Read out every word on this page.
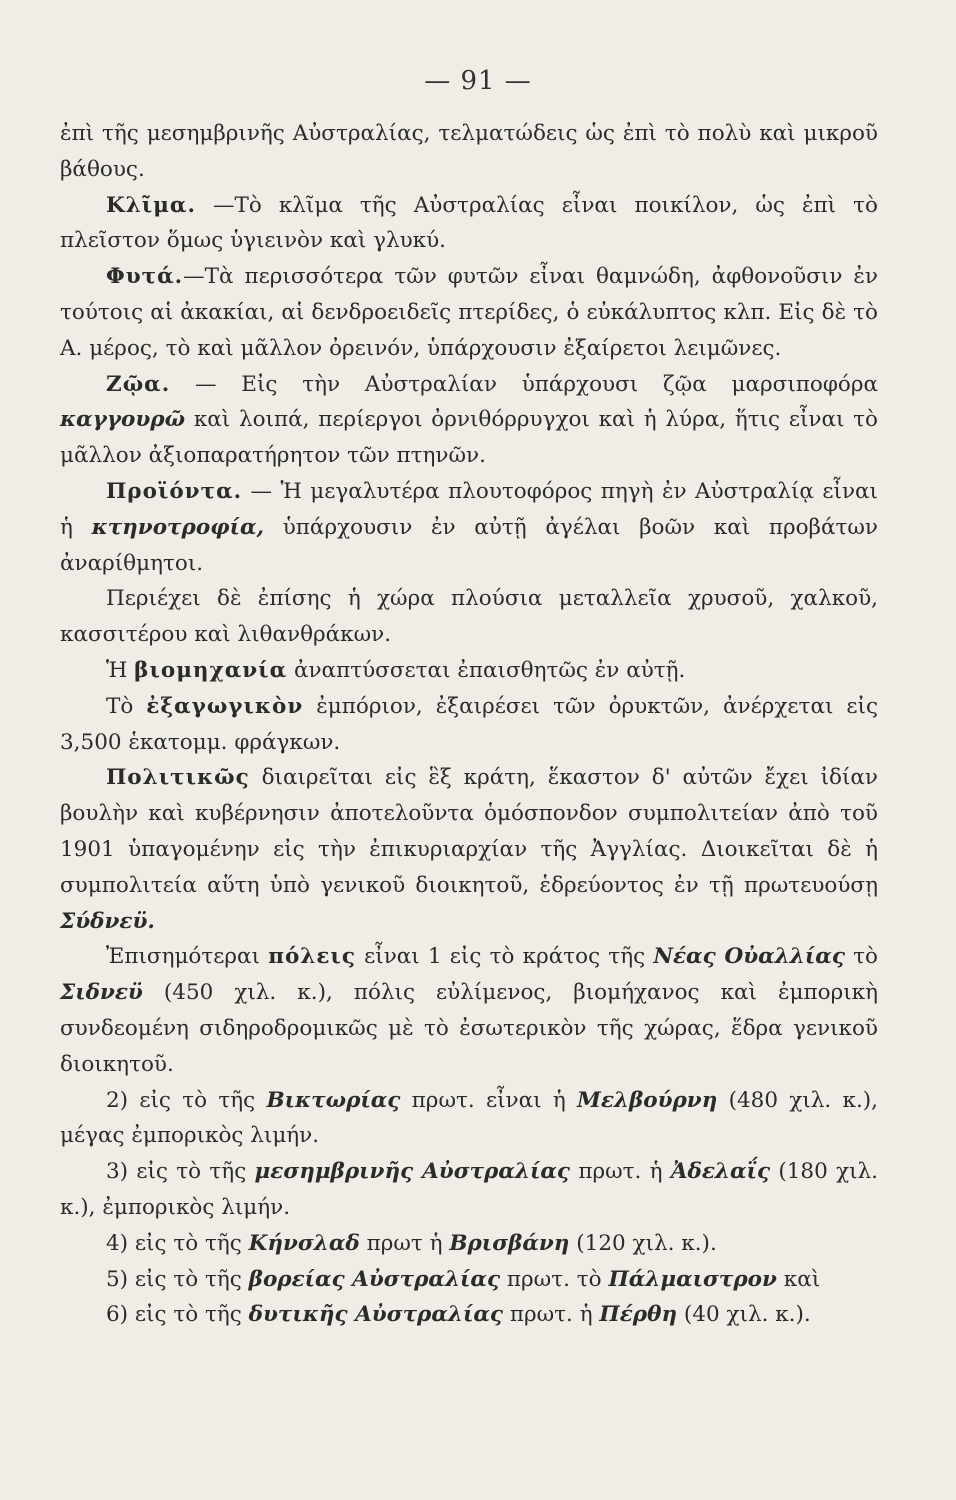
— 91 —

ἐπὶ τῆς μεσημβρινῆς Αὐστραλίας, τελματώδεις ὡς ἐπὶ τὸ πολὺ καὶ μικροῦ βάθους.

Κλῖμα. —Τὸ κλῖμα τῆς Αὐστραλίας εἶναι ποικίλον, ὡς ἐπὶ τὸ πλεῖστον ὅμως ὑγιεινὸν καὶ γλυκύ.

Φυτά.—Τὰ περισσότερα τῶν φυτῶν εἶναι θαμνώδη, ἀφθονοῦσιν ἐν τούτοις αἱ ἀκακίαι, αἱ δενδροειδεῖς πτερίδες, ὁ εὐκάλυπτος κλπ. Εἰς δὲ τὸ Α. μέρος, τὸ καὶ μᾶλλον ὀρεινόν, ὑπάρχουσιν ἐξαίρετοι λειμῶνες.

Ζῷα. — Εἰς τὴν Αὐστραλίαν ὑπάρχουσι ζῷα μαρσιποφόρα καγγουρῶ καὶ λοιπά, περίεργοι ὀρνιθόρρυγχοι καὶ ἡ λύρα, ἥτις εἶναι τὸ μᾶλλον ἀξιοπαρατήρητον τῶν πτηνῶν.

Προϊόντα. — Ἡ μεγαλυτέρα πλουτοφόρος πηγὴ ἐν Αὐστραλίᾳ εἶναι ἡ κτηνοτροφία, ὑπάρχουσιν ἐν αὐτῇ ἀγέλαι βοῶν καὶ προβάτων ἀναρίθμητοι.

Περιέχει δὲ ἐπίσης ἡ χώρα πλούσια μεταλλεῖα χρυσοῦ, χαλκοῦ, κασσιτέρου καὶ λιθανθράκων.

Ἡ βιομηχανία ἀναπτύσσεται ἐπαισθητῶς ἐν αὐτῇ.

Τὸ ἐξαγωγικὸν ἐμπόριον, ἐξαιρέσει τῶν ὀρυκτῶν, ἀνέρχεται εἰς 3,500 ἑκατομμ. φράγκων.

Πολιτικῶς διαιρεῖται εἰς ἓξ κράτη, ἕκαστον δ' αὐτῶν ἔχει ἰδίαν βουλὴν καὶ κυβέρνησιν ἀποτελοῦντα ὁμόσπονδον συμπολιτείαν ἀπὸ τοῦ 1901 ὑπαγομένην εἰς τὴν ἐπικυριαρχίαν τῆς Ἀγγλίας. Διοικεῖται δὲ ἡ συμπολιτεία αὕτη ὑπὸ γενικοῦ διοικητοῦ, ἑδρεύοντος ἐν τῇ πρωτευούσῃ Σύδνεϋ.

Ἐπισημότεραι πόλεις εἶναι 1 εἰς τὸ κράτος τῆς Νέας Οὐαλλίας τὸ Σιδνεϋ (450 χιλ. κ.), πόλις εὐλίμενος, βιομήχανος καὶ ἐμπορικὴ συνδεομένη σιδηροδρομικῶς μὲ τὸ ἐσωτερικὸν τῆς χώρας, ἕδρα γενικοῦ διοικητοῦ.

2) εἰς τὸ τῆς Βικτωρίας πρωτ. εἶναι ἡ Μελβούρνη (480 χιλ. κ.), μέγας ἐμπορικὸς λιμήν.

3) εἰς τὸ τῆς μεσημβρινῆς Αὐστραλίας πρωτ. ἡ Ἀδελαΐς (180 χιλ. κ.), ἐμπορικὸς λιμήν.

4) εἰς τὸ τῆς Κήνσλαδ πρωτ ἡ Βρισβάνη (120 χιλ. κ.).

5) εἰς τὸ τῆς βορείας Αὐστραλίας πρωτ. τὸ Πάλμαιστρον καὶ

6) εἰς τὸ τῆς δυτικῆς Αὐστραλίας πρωτ. ἡ Πέρθη (40 χιλ. κ.).
